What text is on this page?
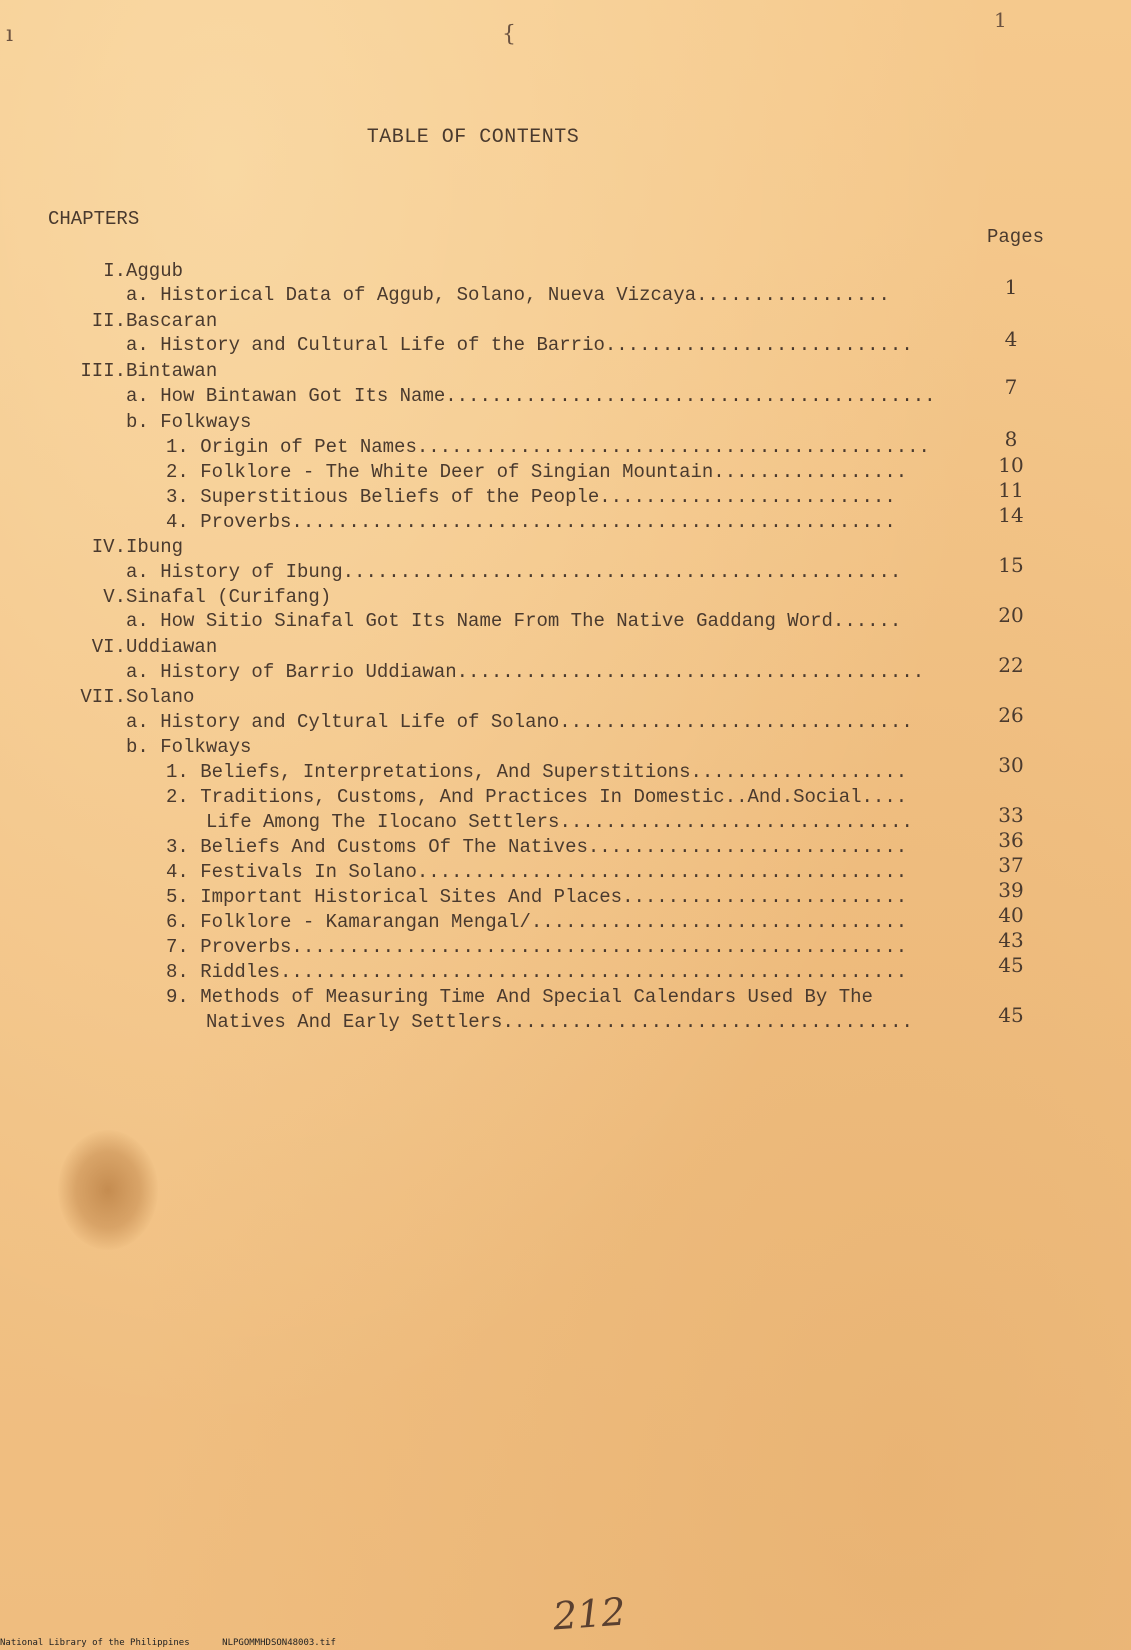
ı	{
1
TABLE OF CONTENTS
CHAPTERS
Pages
I. Aggub
a. Historical Data of Aggub, Solano, Nueva Vizcaya.................	1
II. Bascaran
a. History and Cultural Life of the Barrio...........................	4
III. Bintawan
a. How Bintawan Got Its Name...........................................	7
b. Folkways
1. Origin of Pet Names.............................................	8
2. Folklore - The White Deer of Singian Mountain.................	10
3. Superstitious Beliefs of the People..........................	11
4. Proverbs.....................................................	14
IV. Ibung
a. History of Ibung.................................................	15
V. Sinafal (Curifang)
a. How Sitio Sinafal Got Its Name From The Native Gaddang Word......	20
VI. Uddiawan
a. History of Barrio Uddiawan.........................................	22
VII. Solano
a. History and Cyltural Life of Solano...............................	26
b. Folkways
1. Beliefs, Interpretations, And Superstitions...................	30
2. Traditions, Customs, And Practices In Domestic..And.Social....
Life Among The Ilocano Settlers...............................	33
3. Beliefs And Customs Of The Natives............................	36
4. Festivals In Solano...........................................	37
5. Important Historical Sites And Places.........................	39
6. Folklore - Kamarangan Mengal/.................................	40
7. Proverbs......................................................	43
8. Riddles.......................................................	45
9. Methods of Measuring Time And Special Calendars Used By The
Natives And Early Settlers....................................	45
212
National Library of the Philippines	NLPGOMMHDSON48003.tif
